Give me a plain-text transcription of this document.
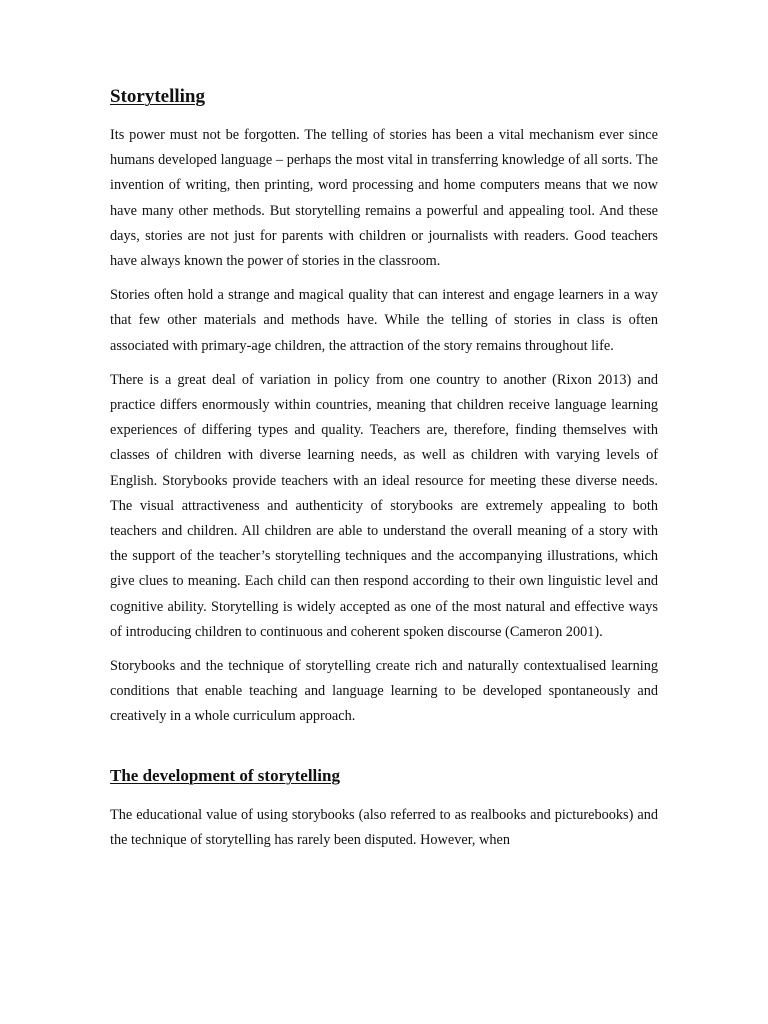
Storytelling

Its power must not be forgotten. The telling of stories has been a vital mechanism ever since humans developed language – perhaps the most vital in transferring knowledge of all sorts. The invention of writing, then printing, word processing and home computers means that we now have many other methods. But storytelling remains a powerful and appealing tool. And these days, stories are not just for parents with children or journalists with readers. Good teachers have always known the power of stories in the classroom.

Stories often hold a strange and magical quality that can interest and engage learners in a way that few other materials and methods have. While the telling of stories in class is often associated with primary-age children, the attraction of the story remains throughout life.

There is a great deal of variation in policy from one country to another (Rixon 2013) and practice differs enormously within countries, meaning that children receive language learning experiences of differing types and quality. Teachers are, therefore, finding themselves with classes of children with diverse learning needs, as well as children with varying levels of English. Storybooks provide teachers with an ideal resource for meeting these diverse needs. The visual attractiveness and authenticity of storybooks are extremely appealing to both teachers and children. All children are able to understand the overall meaning of a story with the support of the teacher’s storytelling techniques and the accompanying illustrations, which give clues to meaning. Each child can then respond according to their own linguistic level and cognitive ability. Storytelling is widely accepted as one of the most natural and effective ways of introducing children to continuous and coherent spoken discourse (Cameron 2001).

Storybooks and the technique of storytelling create rich and naturally contextualised learning conditions that enable teaching and language learning to be developed spontaneously and creatively in a whole curriculum approach.

The development of storytelling

The educational value of using storybooks (also referred to as realbooks and picturebooks) and the technique of storytelling has rarely been disputed. However, when
